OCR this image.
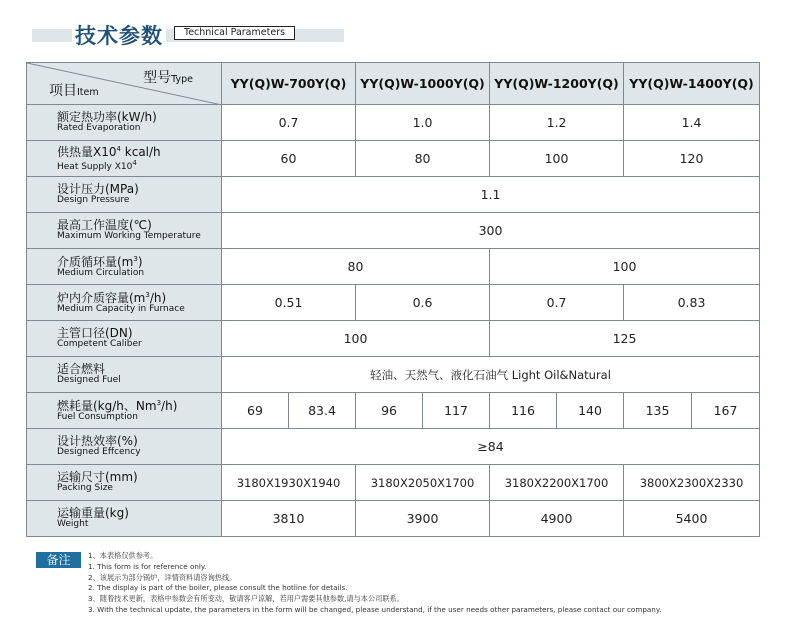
技术参数	Technical Parameters
型号Type
项目Item	YY(Q)W-700Y(Q)		YY(Q)W-1000Y(Q)		YY(Q)W-1200Y(Q)		YY(Q)W-1400Y(Q)	

额定热功率(kW/h)
Rated Evaporation	0.7		1.0		1.2		1.4	

供热量$X10^4$ kcal/h
Heat Supply $X10^4$	60		80		100		120	

设计压力(MPa)
Design Pressure	1.1							

最高工作温度(℃)
Maximum Working Temperature	300							

介质循环量$(m^3)$
Medium Circulation	80				100			

炉内介质容量$(m^3/h)$
Medium Capacity in Furnace	0.51		0.6		0.7		0.83	

主管口径(DN)
Competent Caliber	100				125			

适合燃料
Designed Fuel	轻油、天然气、液化石油气 Light Oil&Natural							

燃耗量(kg/h、Nm$^3$/h)
Fuel Consumption	69	83.4	96	117	116	140	135	167

设计热效率(%)
Designed Effcency	≥84							

运输尺寸(mm)
Packing Size	3180X1930X1940		3180X2050X1700		3180X2200X1700		3800X2300X2330	

运输重量(kg)
Weight	3810		3900		4900		5400	
备注	1、本表格仅供参考。
1. This form is for reference only.
2、该展示为部分锅炉，详情资料请咨询热线。
2. The display is part of the boiler, please consult the hotline for details.
3、随着技术更新，表格中参数会有所变动，敬请客户谅解，若用户需要其他参数,请与本公司联系。
3. With the technical update, the parameters in the form will be changed, please understand, if the user needs other parameters, please contact our company.
